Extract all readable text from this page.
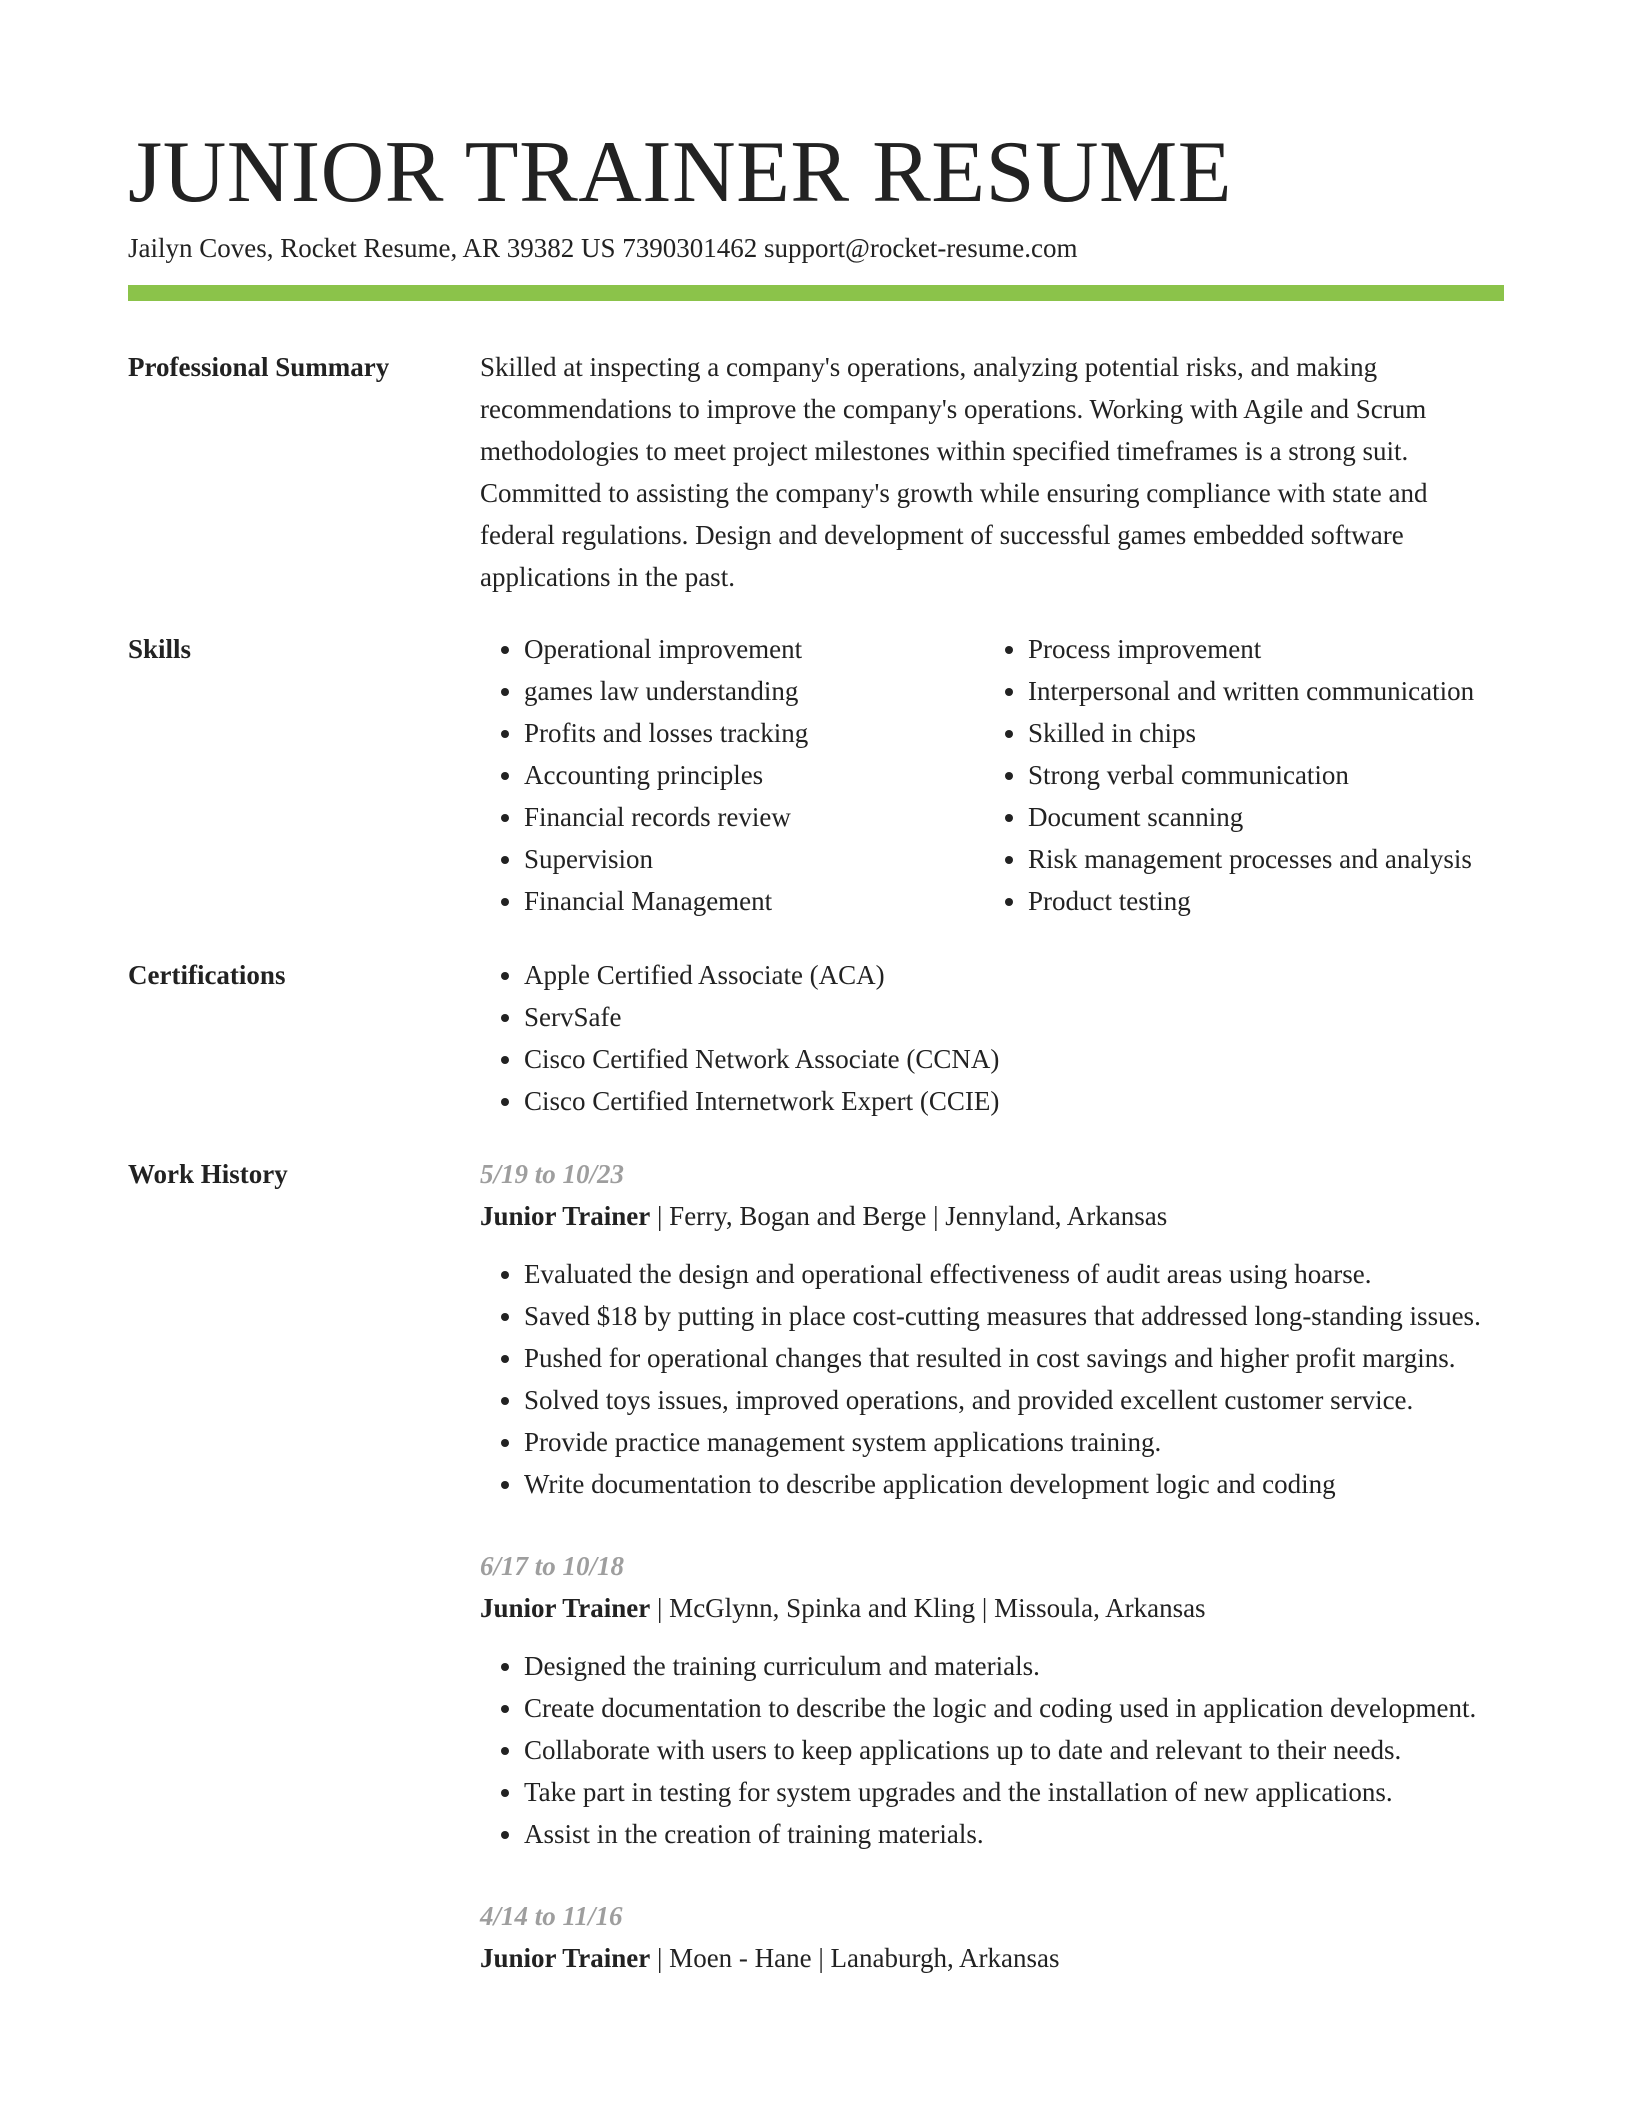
JUNIOR TRAINER RESUME
Jailyn Coves, Rocket Resume, AR 39382 US 7390301462 support@rocket-resume.com
Professional Summary	Skilled at inspecting a company's operations, analyzing potential risks, and making recommendations to improve the company's operations. Working with Agile and Scrum methodologies to meet project milestones within specified timeframes is a strong suit. Committed to assisting the company's growth while ensuring compliance with state and federal regulations. Design and development of successful games embedded software applications in the past.

Skills	• Operational improvement
• games law understanding
• Profits and losses tracking
• Accounting principles
• Financial records review
• Supervision
• Financial Management
• Process improvement
• Interpersonal and written communication
• Skilled in chips
• Strong verbal communication
• Document scanning
• Risk management processes and analysis
• Product testing
Certifications	• Apple Certified Associate (ACA)
• ServSafe
• Cisco Certified Network Associate (CCNA)
• Cisco Certified Internetwork Expert (CCIE)
Work History	5/19 to 10/23
Junior Trainer | Ferry, Bogan and Berge | Jennyland, Arkansas
• Evaluated the design and operational effectiveness of audit areas using hoarse.
• Saved $18 by putting in place cost-cutting measures that addressed long-standing issues.
• Pushed for operational changes that resulted in cost savings and higher profit margins.
• Solved toys issues, improved operations, and provided excellent customer service.
• Provide practice management system applications training.
• Write documentation to describe application development logic and coding
6/17 to 10/18
Junior Trainer | McGlynn, Spinka and Kling | Missoula, Arkansas
• Designed the training curriculum and materials.
• Create documentation to describe the logic and coding used in application development.
• Collaborate with users to keep applications up to date and relevant to their needs.
• Take part in testing for system upgrades and the installation of new applications.
• Assist in the creation of training materials.
4/14 to 11/16
Junior Trainer | Moen - Hane | Lanaburgh, Arkansas
